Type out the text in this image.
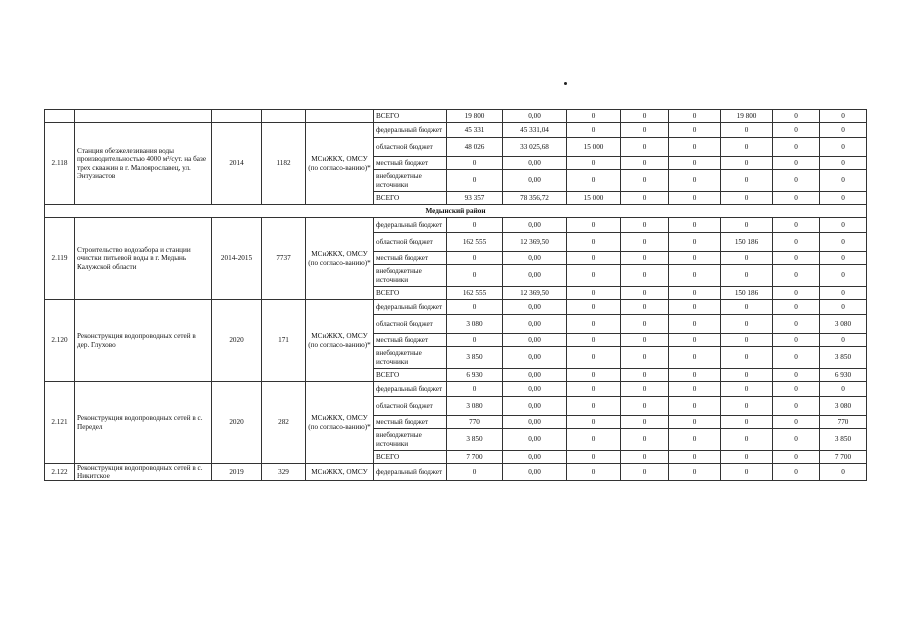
					ВСЕГО	19 800	0,00	0	0	0	19 800	0	0
2.118	Станция обезжелезивания воды производительностью 4000 м³/сут. на базе трех скважин в г. Малоярославец, ул. Энтузиастов	2014	1182	МСиЖКХ, ОМСУ (по согласо-ванию)*	федеральный бюджет	45 331	45 331,04	0	0	0	0	0	0
					областной бюджет	48 026	33 025,68	15 000	0	0	0	0	0
					местный бюджет	0	0,00	0	0	0	0	0	0
					внебюджетные источники	0	0,00	0	0	0	0	0	0
					ВСЕГО	93 357	78 356,72	15 000	0	0	0	0	0
Медынский район													
2.119	Строительство водозабора и станции очистки питьевой воды в г. Медынь Калужской области	2014-2015	7737	МСиЖКХ, ОМСУ (по согласо-ванию)*	федеральный бюджет	0	0,00	0	0	0	0	0	0
					областной бюджет	162 555	12 369,50	0	0	0	150 186	0	0
					местный бюджет	0	0,00	0	0	0	0	0	0
					внебюджетные источники	0	0,00	0	0	0	0	0	0
					ВСЕГО	162 555	12 369,50	0	0	0	150 186	0	0
2.120	Реконструкция водопроводных сетей в дер. Глухово	2020	171	МСиЖКХ, ОМСУ (по согласо-ванию)*	федеральный бюджет	0	0,00	0	0	0	0	0	0
					областной бюджет	3 080	0,00	0	0	0	0	0	3 080
					местный бюджет	0	0,00	0	0	0	0	0	0
					внебюджетные источники	3 850	0,00	0	0	0	0	0	3 850
					ВСЕГО	6 930	0,00	0	0	0	0	0	6 930
2.121	Реконструкция водопроводных сетей в с. Передел	2020	282	МСиЖКХ, ОМСУ (по согласо-ванию)*	федеральный бюджет	0	0,00	0	0	0	0	0	0
					областной бюджет	3 080	0,00	0	0	0	0	0	3 080
					местный бюджет	770	0,00	0	0	0	0	0	770
					внебюджетные источники	3 850	0,00	0	0	0	0	0	3 850
					ВСЕГО	7 700	0,00	0	0	0	0	0	7 700
2.122	Реконструкция водопроводных сетей в с. Никитское	2019	329	МСиЖКХ, ОМСУ	федеральный бюджет	0	0,00	0	0	0	0	0	0
